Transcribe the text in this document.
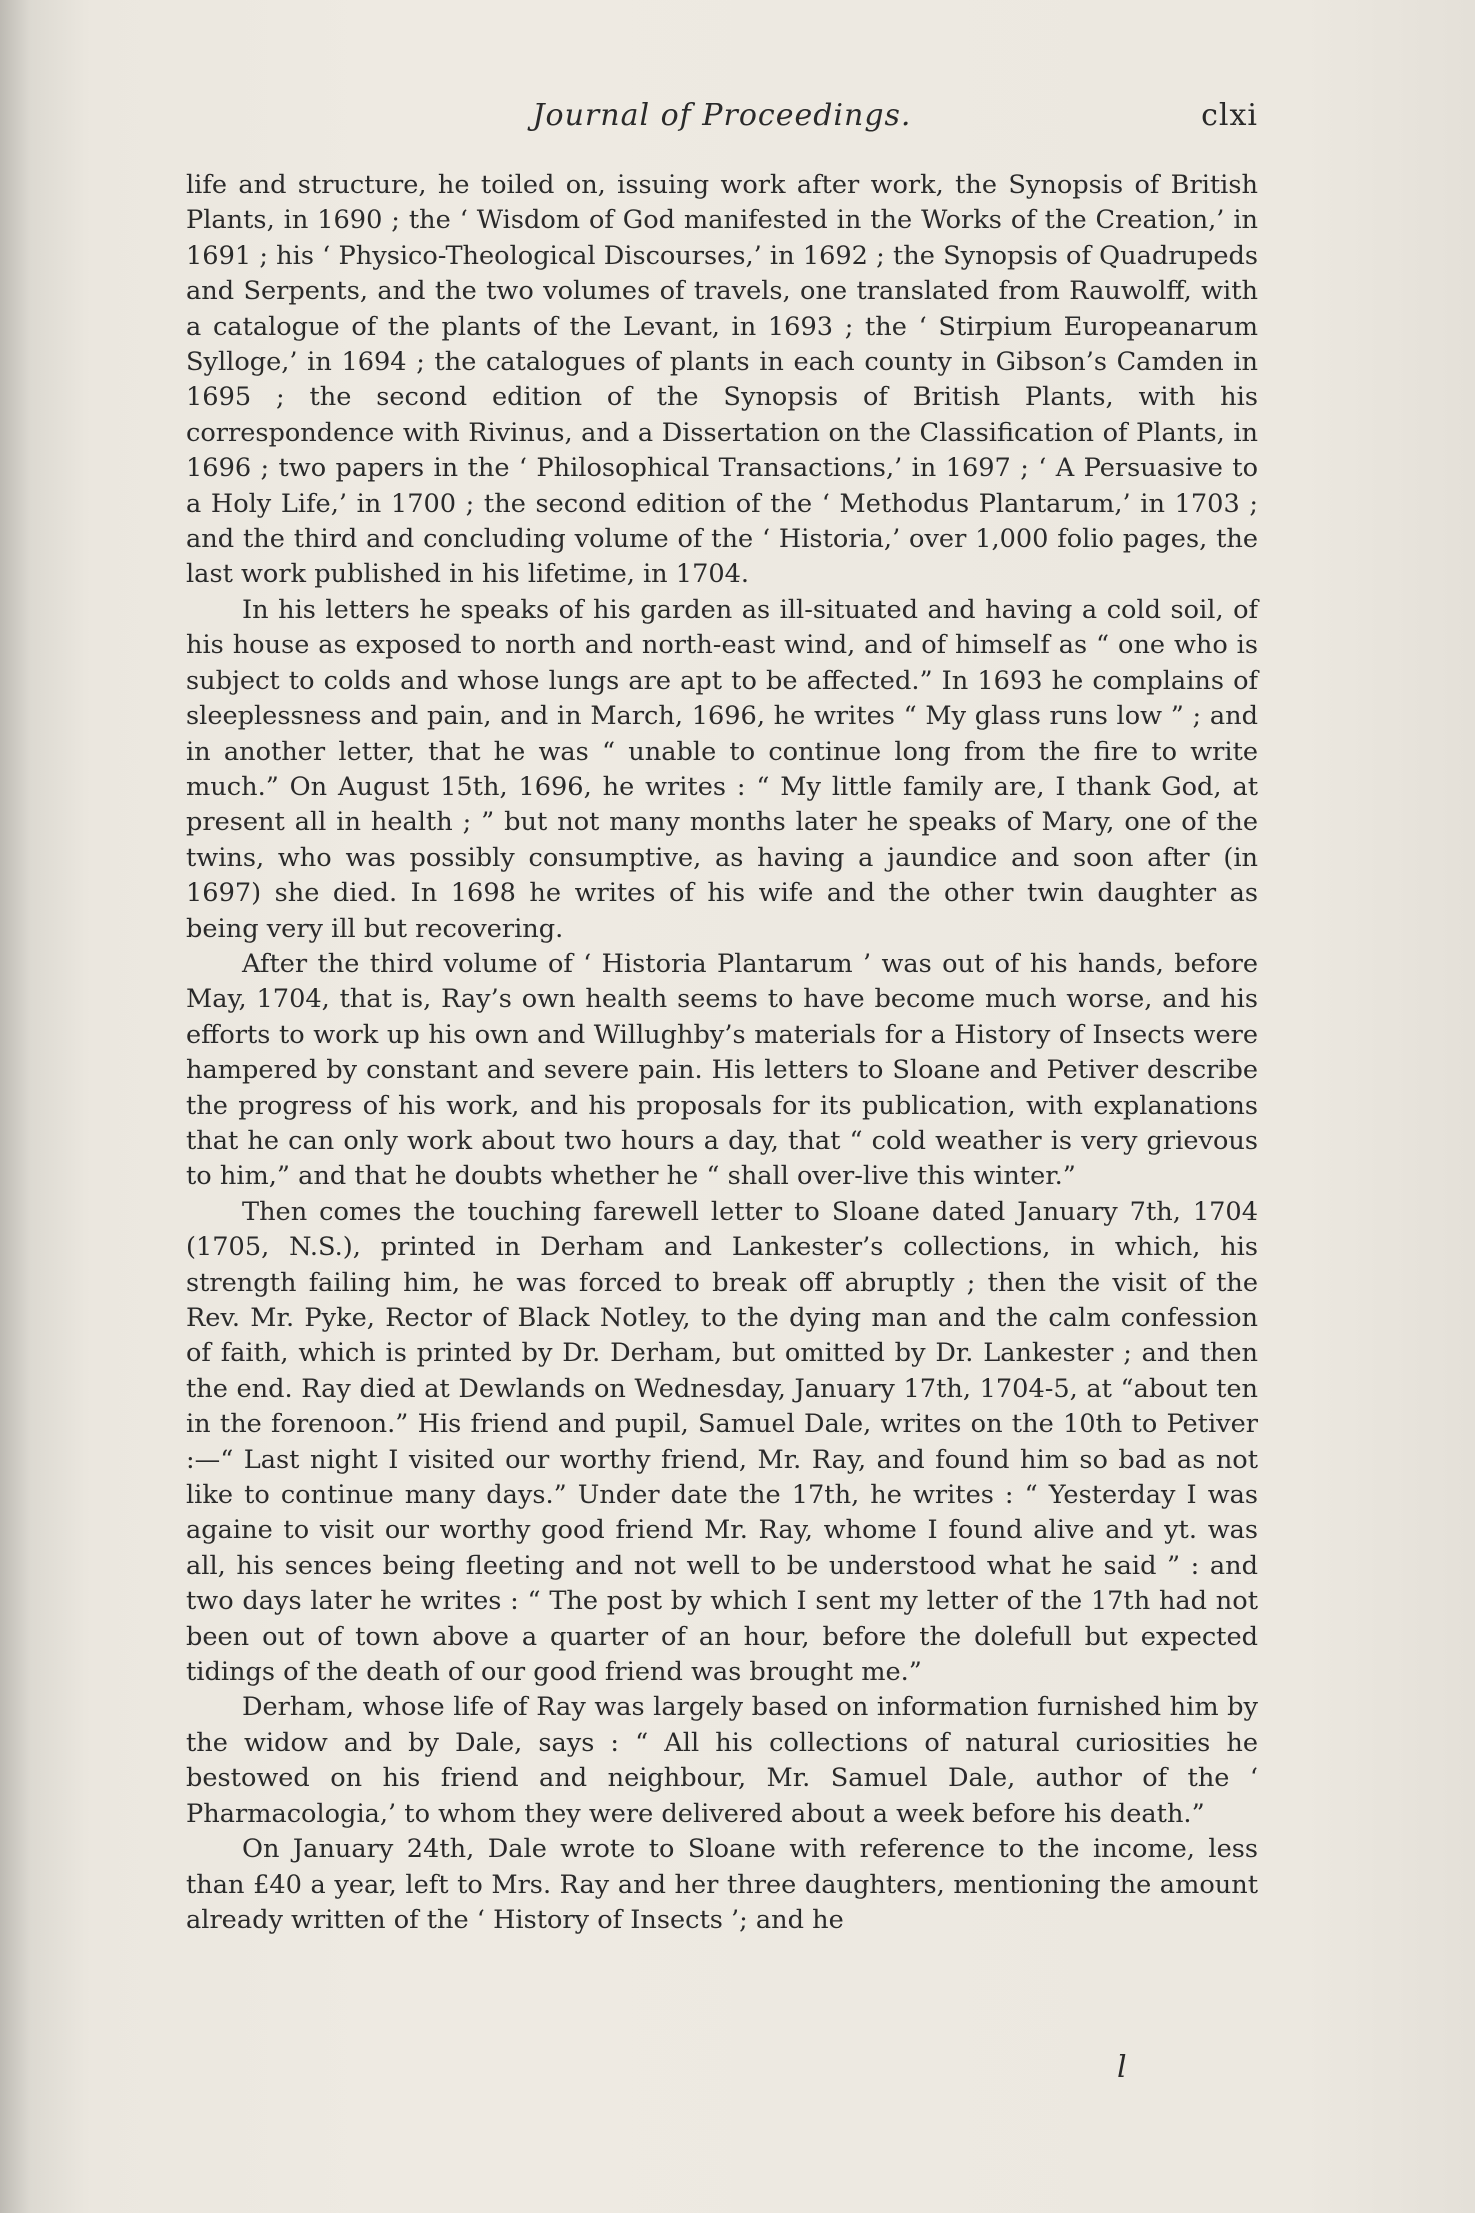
Journal of Proceedings.	clxi

life and structure, he toiled on, issuing work after work, the Synopsis of British Plants, in 1690 ; the ‘ Wisdom of God manifested in the Works of the Creation,’ in 1691 ; his ‘ Physico-Theological Discourses,’ in 1692 ; the Synopsis of Quadrupeds and Serpents, and the two volumes of travels, one translated from Rauwolff, with a catalogue of the plants of the Levant, in 1693 ; the ‘ Stirpium Europeanarum Sylloge,’ in 1694 ; the catalogues of plants in each county in Gibson’s Camden in 1695 ; the second edition of the Synopsis of British Plants, with his correspondence with Rivinus, and a Dissertation on the Classification of Plants, in 1696 ; two papers in the ‘ Philosophical Transactions,’ in 1697 ; ‘ A Persuasive to a Holy Life,’ in 1700 ; the second edition of the ‘ Methodus Plantarum,’ in 1703 ; and the third and concluding volume of the ‘ Historia,’ over 1,000 folio pages, the last work published in his lifetime, in 1704.

In his letters he speaks of his garden as ill-situated and having a cold soil, of his house as exposed to north and north-east wind, and of himself as “ one who is subject to colds and whose lungs are apt to be affected.” In 1693 he complains of sleeplessness and pain, and in March, 1696, he writes “ My glass runs low ” ; and in another letter, that he was “ unable to continue long from the fire to write much.” On August 15th, 1696, he writes : “ My little family are, I thank God, at present all in health ; ” but not many months later he speaks of Mary, one of the twins, who was possibly consumptive, as having a jaundice and soon after (in 1697) she died. In 1698 he writes of his wife and the other twin daughter as being very ill but recovering.

After the third volume of ‘ Historia Plantarum ’ was out of his hands, before May, 1704, that is, Ray’s own health seems to have become much worse, and his efforts to work up his own and Willughby’s materials for a History of Insects were hampered by constant and severe pain. His letters to Sloane and Petiver describe the progress of his work, and his proposals for its publication, with explanations that he can only work about two hours a day, that “ cold weather is very grievous to him,” and that he doubts whether he “ shall over-live this winter.”

Then comes the touching farewell letter to Sloane dated January 7th, 1704 (1705, N.S.), printed in Derham and Lankester’s collections, in which, his strength failing him, he was forced to break off abruptly ; then the visit of the Rev. Mr. Pyke, Rector of Black Notley, to the dying man and the calm confession of faith, which is printed by Dr. Derham, but omitted by Dr. Lankester ; and then the end. Ray died at Dewlands on Wednesday, January 17th, 1704-5, at “about ten in the forenoon.” His friend and pupil, Samuel Dale, writes on the 10th to Petiver :—“ Last night I visited our worthy friend, Mr. Ray, and found him so bad as not like to continue many days.” Under date the 17th, he writes : “ Yesterday I was againe to visit our worthy good friend Mr. Ray, whome I found alive and yt. was all, his sences being fleeting and not well to be understood what he said ” : and two days later he writes : “ The post by which I sent my letter of the 17th had not been out of town above a quarter of an hour, before the dolefull but expected tidings of the death of our good friend was brought me.”

Derham, whose life of Ray was largely based on information furnished him by the widow and by Dale, says : “ All his collections of natural curiosities he bestowed on his friend and neighbour, Mr. Samuel Dale, author of the ‘ Pharmacologia,’ to whom they were delivered about a week before his death.”

On January 24th, Dale wrote to Sloane with reference to the income, less than £40 a year, left to Mrs. Ray and her three daughters, mentioning the amount already written of the ‘ History of Insects ’; and he

l
